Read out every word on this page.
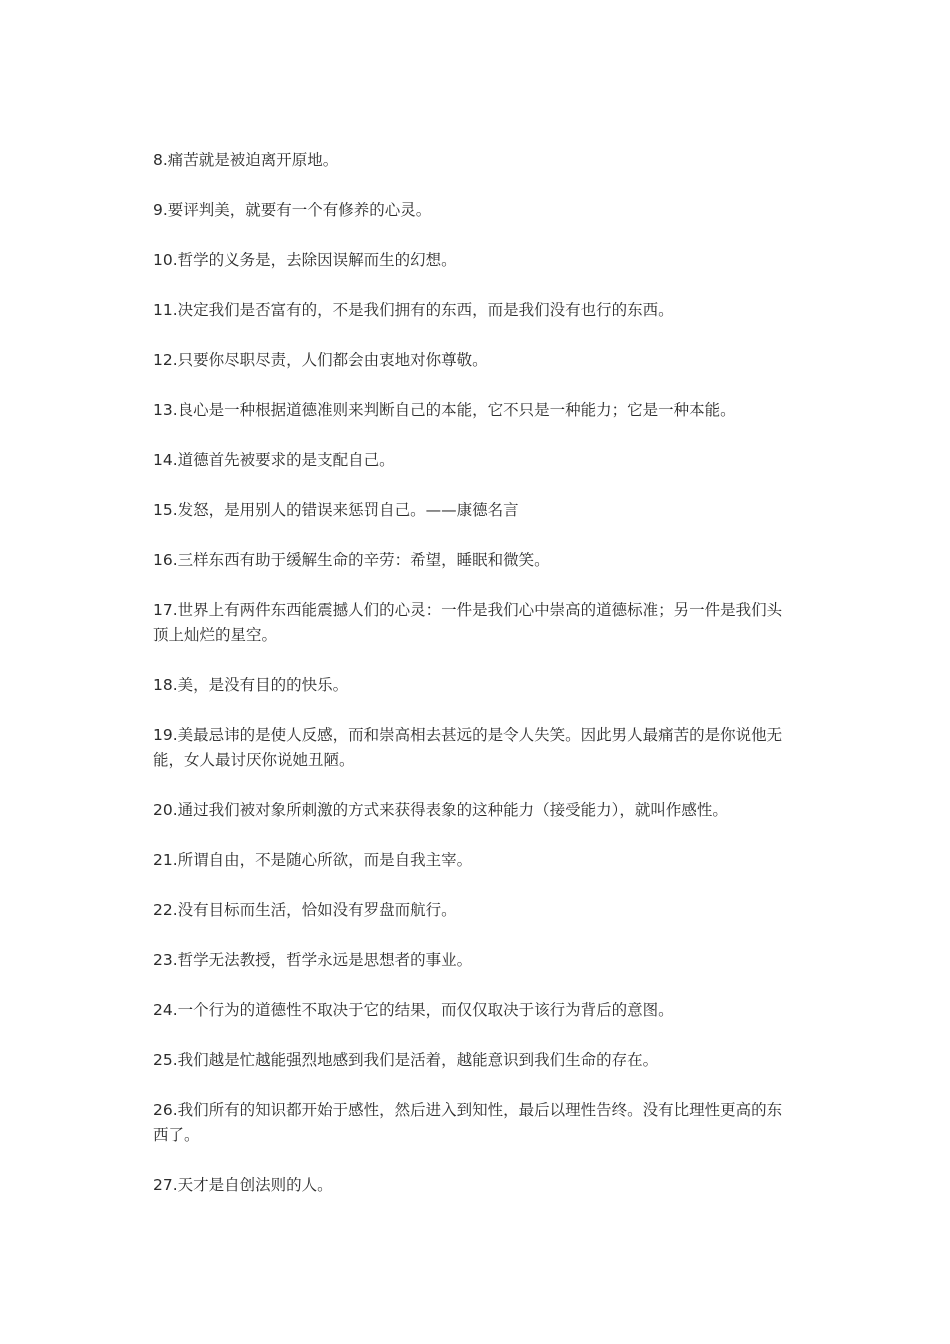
8.痛苦就是被迫离开原地。

9.要评判美，就要有一个有修养的心灵。

10.哲学的义务是，去除因误解而生的幻想。

11.决定我们是否富有的，不是我们拥有的东西，而是我们没有也行的东西。

12.只要你尽职尽责，人们都会由衷地对你尊敬。

13.良心是一种根据道德准则来判断自己的本能，它不只是一种能力；它是一种本能。

14.道德首先被要求的是支配自己。

15.发怒，是用别人的错误来惩罚自己。——康德名言

16.三样东西有助于缓解生命的辛劳：希望，睡眠和微笑。

17.世界上有两件东西能震撼人们的心灵：一件是我们心中崇高的道德标准；另一件是我们头顶上灿烂的星空。

18.美，是没有目的的快乐。

19.美最忌讳的是使人反感，而和崇高相去甚远的是令人失笑。因此男人最痛苦的是你说他无能，女人最讨厌你说她丑陋。

20.通过我们被对象所刺激的方式来获得表象的这种能力（接受能力），就叫作感性。

21.所谓自由，不是随心所欲，而是自我主宰。

22.没有目标而生活，恰如没有罗盘而航行。

23.哲学无法教授，哲学永远是思想者的事业。

24.一个行为的道德性不取决于它的结果，而仅仅取决于该行为背后的意图。

25.我们越是忙越能强烈地感到我们是活着，越能意识到我们生命的存在。

26.我们所有的知识都开始于感性，然后进入到知性，最后以理性告终。没有比理性更高的东西了。

27.天才是自创法则的人。
